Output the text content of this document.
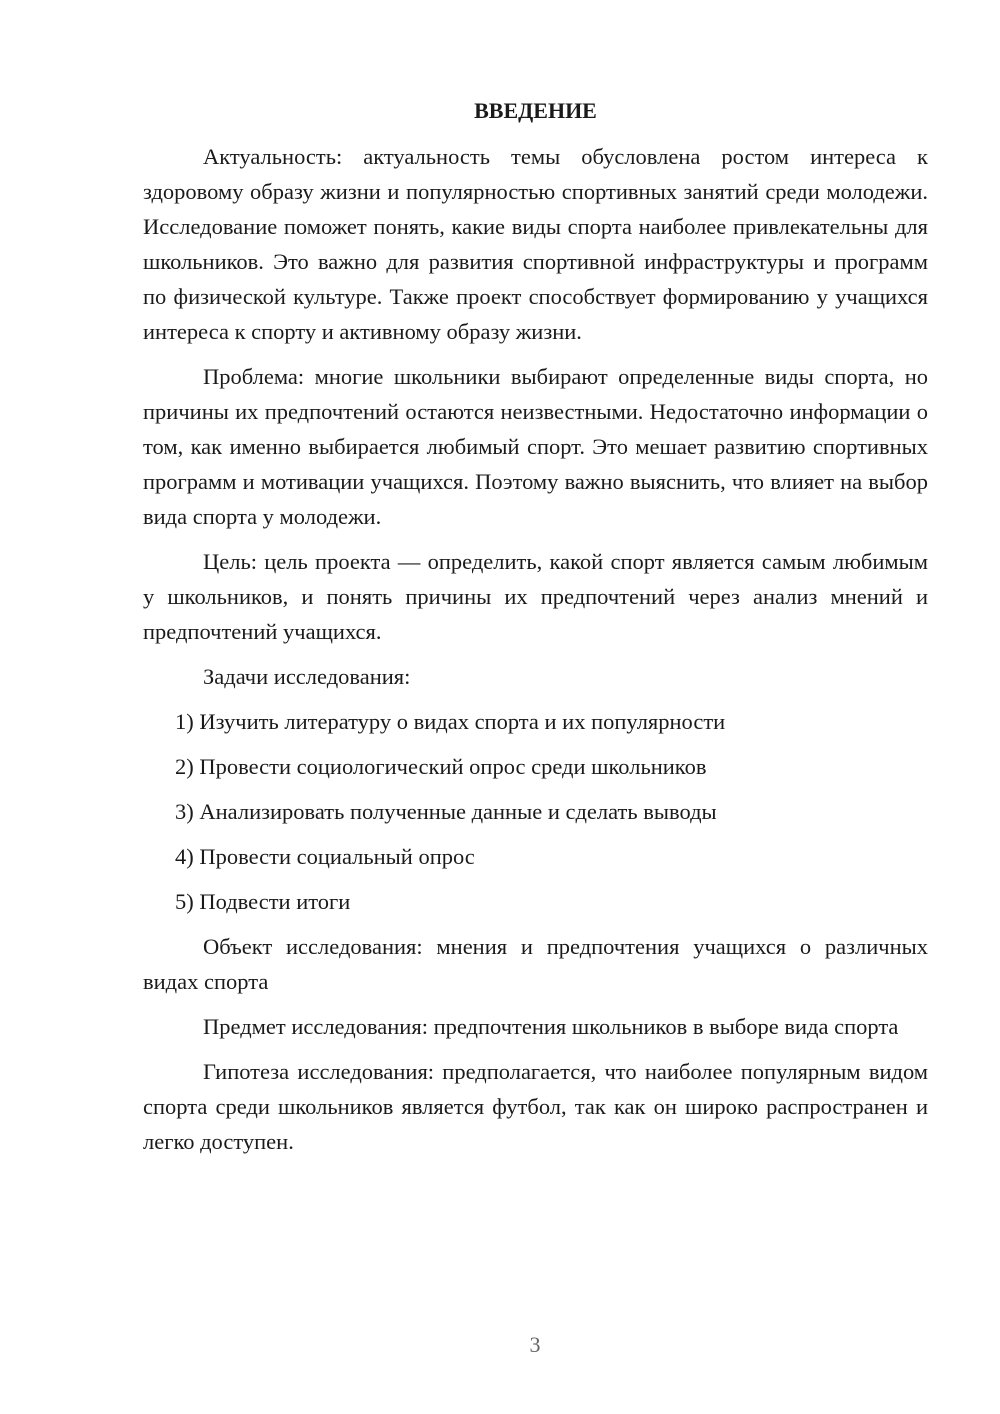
ВВЕДЕНИЕ

Актуальность: актуальность темы обусловлена ростом интереса к здоровому образу жизни и популярностью спортивных занятий среди молодежи. Исследование поможет понять, какие виды спорта наиболее привлекательны для школьников. Это важно для развития спортивной инфраструктуры и программ по физической культуре. Также проект способствует формированию у учащихся интереса к спорту и активному образу жизни.

Проблема: многие школьники выбирают определенные виды спорта, но причины их предпочтений остаются неизвестными. Недостаточно информации о том, как именно выбирается любимый спорт. Это мешает развитию спортивных программ и мотивации учащихся. Поэтому важно выяснить, что влияет на выбор вида спорта у молодежи.

Цель: цель проекта — определить, какой спорт является самым любимым у школьников, и понять причины их предпочтений через анализ мнений и предпочтений учащихся.

Задачи исследования:

1) Изучить литературу о видах спорта и их популярности

2) Провести социологический опрос среди школьников

3) Анализировать полученные данные и сделать выводы

4) Провести социальный опрос

5) Подвести итоги

Объект исследования: мнения и предпочтения учащихся о различных видах спорта

Предмет исследования: предпочтения школьников в выборе вида спорта

Гипотеза исследования: предполагается, что наиболее популярным видом спорта среди школьников является футбол, так как он широко распространен и легко доступен.

3
